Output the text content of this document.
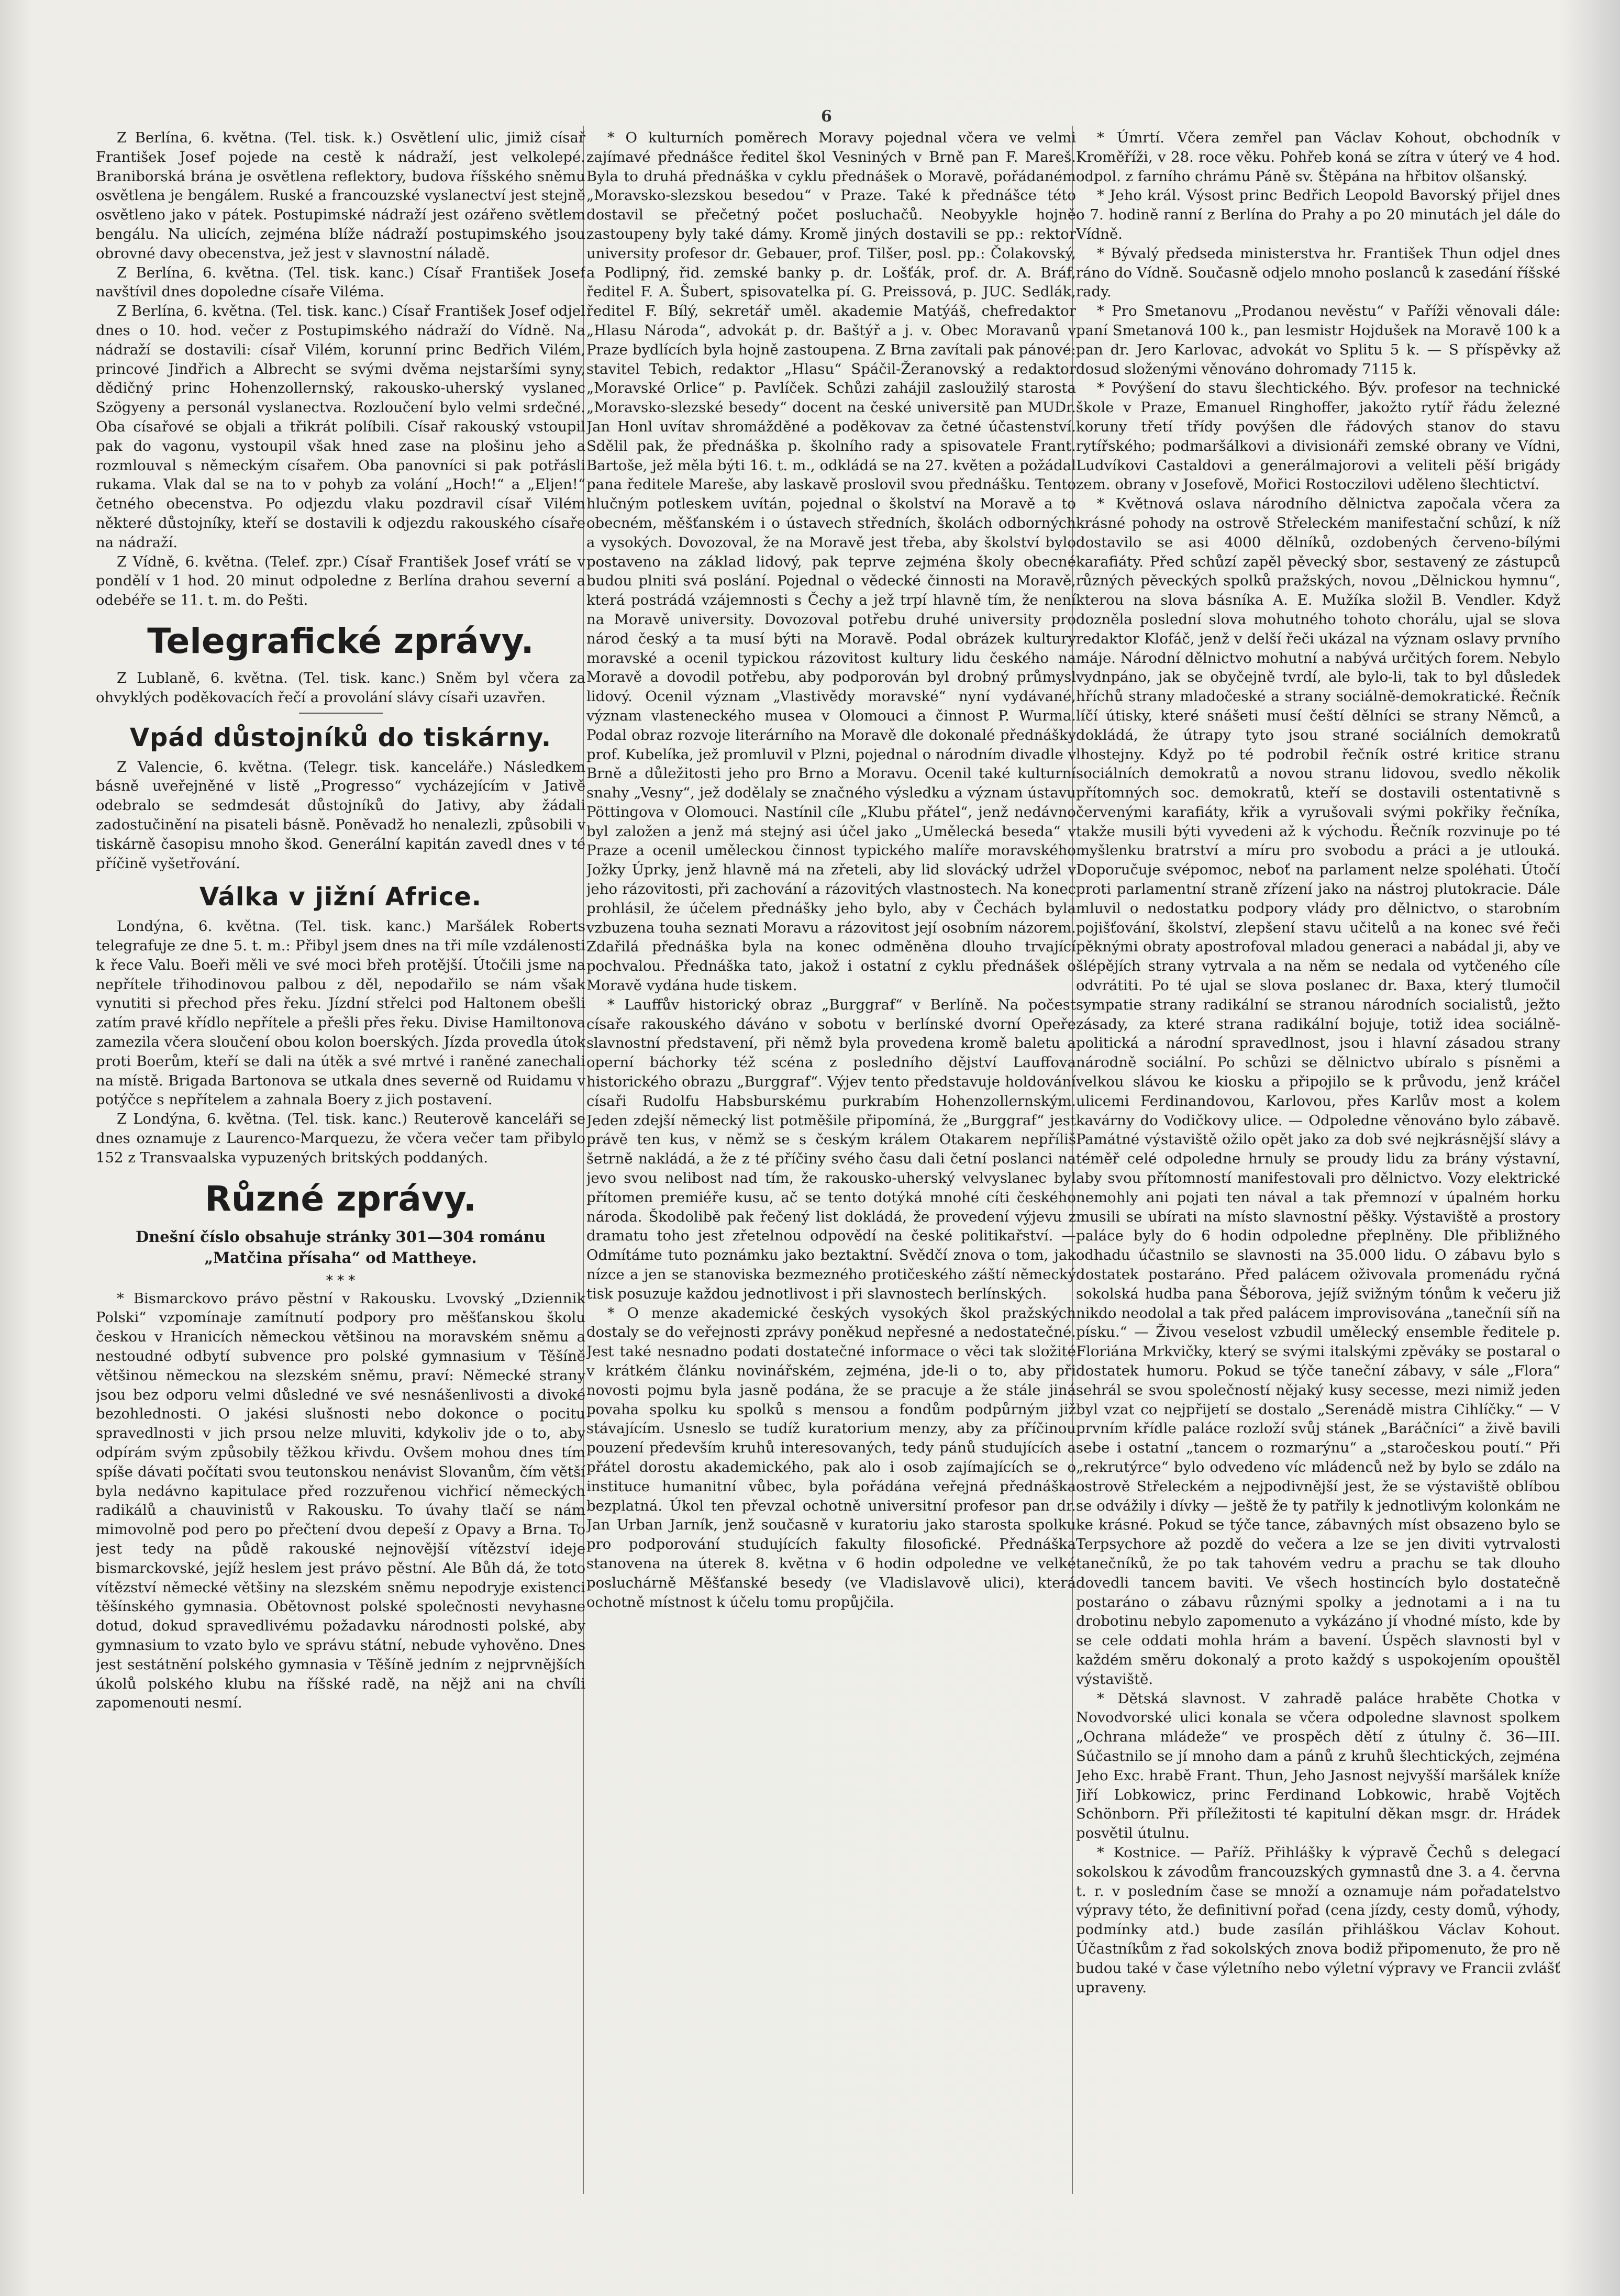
6

Z Berlína, 6. května. (Tel. tisk. k.) Osvětlení ulic, jimiž císař František Josef pojede na cestě k nádraží, jest velkolepé. Braniborská brána je osvětlena reflektory, budova říšského sněmu osvětlena je bengálem. Ruské a francouzské vyslanectví jest stejně osvětleno jako v pátek. Postupimské nádraží jest ozářeno světlem bengálu. Na ulicích, zejména blíže nádraží postupimského jsou obrovné davy obecenstva, jež jest v slavnostní náladě.

Z Berlína, 6. května. (Tel. tisk. kanc.) Císař František Josef navštívil dnes dopoledne císaře Viléma.

Z Berlína, 6. května. (Tel. tisk. kanc.) Císař František Josef odjel dnes o 10. hod. večer z Postupimského nádraží do Vídně. Na nádraží se dostavili: císař Vilém, korunní princ Bedřich Vilém, princové Jindřich a Albrecht se svými dvěma nejstaršími syny, dědičný princ Hohenzollernský, rakousko-uherský vyslanec Szögyeny a personál vyslanectva. Rozloučení bylo velmi srdečné. Oba císařové se objali a třikrát políbili. Císař rakouský vstoupil pak do vagonu, vystoupil však hned zase na plošinu jeho a rozmlouval s německým císařem. Oba panovníci si pak potřásli rukama. Vlak dal se na to v pohyb za volání „Hoch!“ a „Eljen!“ četného obecenstva. Po odjezdu vlaku pozdravil císař Vilém některé důstojníky, kteří se dostavili k odjezdu rakouského císaře na nádraží.

Z Vídně, 6. května. (Telef. zpr.) Císař František Josef vrátí se v pondělí v 1 hod. 20 minut odpoledne z Berlína drahou severní a odebéře se 11. t. m. do Pešti.

Telegrafické zprávy.

Z Lublaně, 6. května. (Tel. tisk. kanc.) Sněm byl včera za ohvyklých poděkovacích řečí a provolání slávy císaři uzavřen.

Vpád důstojníků do tiskárny.

Z Valencie, 6. května. (Telegr. tisk. kanceláře.) Následkem básně uveřejněné v listě „Progresso“ vycházejícím v Jativě odebralo se sedmdesát důstojníků do Jativy, aby žádali zadostučinění na pisateli básně. Poněvadž ho nenalezli, způsobili v tiskárně časopisu mnoho škod. Generální kapitán zavedl dnes v té příčině vyšetřování.

Válka v jižní Africe.

Londýna, 6. května. (Tel. tisk. kanc.) Maršálek Roberts telegrafuje ze dne 5. t. m.: Přibyl jsem dnes na tři míle vzdálenosti k řece Valu. Boeři měli ve své moci břeh protější. Útočili jsme na nepřítele třihodinovou palbou z děl, nepodařilo se nám však vynutiti si přechod přes řeku. Jízdní střelci pod Haltonem obešli zatím pravé křídlo nepřítele a přešli přes řeku. Divise Hamiltonova zamezila včera sloučení obou kolon boerských. Jízda provedla útok proti Boerům, kteří se dali na útěk a své mrtvé i raněné zanechali na místě. Brigada Bartonova se utkala dnes severně od Ruidamu v potýčce s nepřítelem a zahnala Boery z jich postavení.

Z Londýna, 6. května. (Tel. tisk. kanc.) Reuterově kanceláři se dnes oznamuje z Laurenco-Marquezu, že včera večer tam přibylo 152 z Transvaalska vypuzených britských poddaných.

Různé zprávy.
Dnešní číslo obsahuje stránky 301—304 románu „Matčina přísaha“ od Mattheye.
* * *

* Bismarckovo právo pěstní v Rakousku. Lvovský „Dziennik Polski“ vzpomínaje zamítnutí podpory pro měšťanskou školu českou v Hranicích německou většinou na moravském sněmu a nestoudné odbytí subvence pro polské gymnasium v Těšíně většinou německou na slezském sněmu, praví: Německé strany jsou bez odporu velmi důsledné ve své nesnášenlivosti a divoké bezohlednosti. O jakési slušnosti nebo dokonce o pocitu spravedlnosti v jich prsou nelze mluviti, kdykoliv jde o to, aby odpírám svým způsobily těžkou křivdu. Ovšem mohou dnes tím spíše dávati počítati svou teutonskou nenávist Slovanům, čím větší byla nedávno kapitulace před rozzuřenou vichřicí německých radikálů a chauvinistů v Rakousku. To úvahy tlačí se nám mimovolně pod pero po přečtení dvou depeší z Opavy a Brna. To jest tedy na půdě rakouské nejnovější vítězství ideje bismarckovské, jejíž heslem jest právo pěstní. Ale Bůh dá, že toto vítězství německé většiny na slezském sněmu nepodryje existenci těšínského gymnasia. Obětovnost polské společnosti nevyhasne dotud, dokud spravedlivému požadavku národnosti polské, aby gymnasium to vzato bylo ve správu státní, nebude vyhověno. Dnes jest sestátnění polského gymnasia v Těšíně jedním z nejprvnějších úkolů polského klubu na říšské radě, na nějž ani na chvíli zapomenouti nesmí.

* O kulturních poměrech Moravy pojednal včera ve velmi zajímavé přednášce ředitel škol Vesniných v Brně pan F. Mareš. Byla to druhá přednáška v cyklu přednášek o Moravě, pořádaném „Moravsko-slezskou besedou“ v Praze. Také k přednášce této dostavil se přečetný počet posluchačů. Neobyykle hojně zastoupeny byly také dámy. Kromě jiných dostavili se pp.: rektor university profesor dr. Gebauer, prof. Tilšer, posl. pp.: Čolakovský, a Podlipný, řid. zemské banky p. dr. Lošťák, prof. dr. A. Bráf, ředitel F. A. Šubert, spisovatelka pí. G. Preissová, p. JUC. Sedlák, ředitel F. Bílý, sekretář uměl. akademie Matýáš, chefredaktor „Hlasu Národa“, advokát p. dr. Baštýř a j. v. Obec Moravanů v Praze bydlících byla hojně zastoupena. Z Brna zavítali pak pánové: stavitel Tebich, redaktor „Hlasu“ Spáčil-Žeranovský a redaktor „Moravské Orlice“ p. Pavlíček. Schůzi zahájil zasloužilý starosta „Moravsko-slezské besedy“ docent na české universitě pan MUDr. Jan Honl uvítav shromážděné a poděkovav za četné účastenství. Sdělil pak, že přednáška p. školního rady a spisovatele Frant. Bartoše, jež měla býti 16. t. m., odkládá se na 27. květen a požádal pana ředitele Mareše, aby laskavě proslovil svou přednášku. Tento hlučným potleskem uvítán, pojednal o školství na Moravě a to obecném, měšťanském i o ústavech středních, školách odborných a vysokých. Dovozoval, že na Moravě jest třeba, aby školství bylo postaveno na základ lidový, pak teprve zejména školy obecné budou plniti svá poslání. Pojednal o vědecké činnosti na Moravě, která postrádá vzájemnosti s Čechy a jež trpí hlavně tím, že není na Moravě university. Dovozoval potřebu druhé university pro národ český a ta musí býti na Moravě. Podal obrázek kultury moravské a ocenil typickou rázovitost kultury lidu českého na Moravě a dovodil potřebu, aby podporován byl drobný průmysl lidový. Ocenil význam „Vlastivědy moravské“ nyní vydávané, význam vlasteneckého musea v Olomouci a činnost P. Wurma. Podal obraz rozvoje literárního na Moravě dle dokonalé přednášky prof. Kubelíka, jež promluvil v Plzni, pojednal o národním divadle v Brně a důležitosti jeho pro Brno a Moravu. Ocenil také kulturní snahy „Vesny“, jež dodělaly se značného výsledku a význam ústavu Pöttingova v Olomouci. Nastínil cíle „Klubu přátel“, jenž nedávno byl založen a jenž má stejný asi účel jako „Umělecká beseda“ v Praze a ocenil uměleckou činnost typického malíře moravského Jožky Úprky, jenž hlavně má na zřeteli, aby lid slovácký udržel v jeho rázovitosti, při zachování a rázovitých vlastnostech. Na konec prohlásil, že účelem přednášky jeho bylo, aby v Čechách byla vzbuzena touha seznati Moravu a rázovitost její osobním názorem. Zdařilá přednáška byla na konec odměněna dlouho trvající pochvalou. Přednáška tato, jakož i ostatní z cyklu přednášek o Moravě vydána hude tiskem.

* Lauffův historický obraz „Burggraf“ v Berlíně. Na počest císaře rakouského dáváno v sobotu v berlínské dvorní Opeře slavnostní představení, při němž byla provedena kromě baletu a operní báchorky též scéna z posledního dějství Lauffova historického obrazu „Burggraf“. Výjev tento představuje holdování císaři Rudolfu Habsburskému purkrabím Hohenzollernským. Jeden zdejší německý list potměšile připomíná, že „Burggraf“ jest právě ten kus, v němž se s českým králem Otakarem nepříliš šetrně nakládá, a že z té příčiny svého času dali četní poslanci na jevo svou nelibost nad tím, že rakousko-uherský velvyslanec byl přítomen premiéře kusu, ač se tento dotýká mnohé cíti českého národa. Škodolibě pak řečený list dokládá, že provedení výjevu z dramatu toho jest zřetelnou odpovědí na české politikařství. — Odmítáme tuto poznámku jako beztaktní. Svědčí znova o tom, jak nízce a jen se stanoviska bezmezného protičeského záští německý tisk posuzuje každou jednotlivost i při slavnostech berlínských.

* O menze akademické českých vysokých škol pražských dostaly se do veřejnosti zprávy poněkud nepřesné a nedostatečné. Jest také nesnadno podati dostatečné informace o věci tak složité v krátkém článku novinářském, zejména, jde-li o to, aby při novosti pojmu byla jasně podána, že se pracuje a že stále jiná povaha spolku ku spolků s mensou a fondům podpůrným již stávajícím. Usneslo se tudíž kuratorium menzy, aby za příčinou pouzení především kruhů interesovaných, tedy pánů studujících a přátel dorostu akademického, pak alo i osob zajímajících se o instituce humanitní vůbec, byla pořádána veřejná přednáška bezplatná. Úkol ten převzal ochotně universitní profesor pan dr. Jan Urban Jarník, jenž současně v kuratoriu jako starosta spolku pro podporování studujících fakulty filosofické. Přednáška stanovena na úterek 8. května v 6 hodin odpoledne ve velké posluchárně Měšťanské besedy (ve Vladislavově ulici), která ochotně místnost k účelu tomu propůjčila.

* Úmrtí. Včera zemřel pan Václav Kohout, obchodník v Kroměříži, v 28. roce věku. Pohřeb koná se zítra v úterý ve 4 hod. odpol. z farního chrámu Páně sv. Štěpána na hřbitov olšanský.

* Jeho král. Výsost princ Bedřich Leopold Bavorský přijel dnes o 7. hodině ranní z Berlína do Prahy a po 20 minutách jel dále do Vídně.

* Bývalý předseda ministerstva hr. František Thun odjel dnes ráno do Vídně. Současně odjelo mnoho poslanců k zasedání říšské rady.

* Pro Smetanovu „Prodanou nevěstu“ v Paříži věnovali dále: paní Smetanová 100 k., pan lesmistr Hojdušek na Moravě 100 k a pan dr. Jero Karlovac, advokát vo Splitu 5 k. — S příspěvky až dosud složenými věnováno dohromady 7115 k.

* Povýšení do stavu šlechtického. Býv. profesor na technické škole v Praze, Emanuel Ringhoffer, jakožto rytíř řádu železné koruny třetí třídy povýšen dle řádových stanov do stavu rytířského; podmaršálkovi a divisionáři zemské obrany ve Vídni, Ludvíkovi Castaldovi a generálmajorovi a veliteli pěší brigády zem. obrany v Josefově, Mořici Rostoczilovi uděleno šlechtictví.

* Květnová oslava národního dělnictva započala včera za krásné pohody na ostrově Střeleckém manifestační schůzí, k níž dostavilo se asi 4000 dělníků, ozdobených červeno-bílými karafiáty. Před schůzí zapěl pěvecký sbor, sestavený ze zástupců různých pěveckých spolků pražských, novou „Dělnickou hymnu“, kterou na slova básníka A. E. Mužíka složil B. Vendler. Když dozněla poslední slova mohutného tohoto chorálu, ujal se slova redaktor Klofáč, jenž v delší řeči ukázal na význam oslavy prvního máje. Národní dělnictvo mohutní a nabývá určitých forem. Nebylo vydnpáno, jak se obyčejně tvrdí, ale bylo-li, tak to byl důsledek hříchů strany mladočeské a strany sociálně-demokratické. Řečník líčí útisky, které snášeti musí čeští dělníci se strany Němců, a dokládá, že útrapy tyto jsou strané sociálních demokratů lhostejny. Když po té podrobil řečník ostré kritice stranu sociálních demokratů a novou stranu lidovou, svedlo několik přítomných soc. demokratů, kteří se dostavili ostentativně s červenými karafiáty, křik a vyrušovali svými pokřiky řečníka, takže musili býti vyvedeni až k východu. Řečník rozvinuje po té myšlenku bratrství a míru pro svobodu a práci a je utlouká. Doporučuje svépomoc, neboť na parlament nelze spoléhati. Útočí proti parlamentní straně zřízení jako na nástroj plutokracie. Dále mluvil o nedostatku podpory vlády pro dělnictvo, o starobním pojišťování, školství, zlepšení stavu učitelů a na konec své řeči pěknými obraty apostrofoval mladou generaci a nabádal ji, aby ve šlépějích strany vytrvala a na něm se nedala od vytčeného cíle odvrátiti. Po té ujal se slova poslanec dr. Baxa, který tlumočil sympatie strany radikální se stranou národních socialistů, ježto zásady, za které strana radikální bojuje, totiž idea sociálně-politická a národní spravedlnost, jsou i hlavní zásadou strany národně sociální. Po schůzi se dělnictvo ubíralo s písněmi a velkou slávou ke kiosku a připojilo se k průvodu, jenž kráčel ulicemi Ferdinandovou, Karlovou, přes Karlův most a kolem kavárny do Vodičkovy ulice. — Odpoledne věnováno bylo zábavě. Památné výstaviště ožilo opět jako za dob své nejkrásnější slávy a téměř celé odpoledne hrnuly se proudy lidu za brány výstavní, aby svou přítomností manifestovali pro dělnictvo. Vozy elektrické nemohly ani pojati ten nával a tak přemnozí v úpalném horku musili se ubírati na místo slavnostní pěšky. Výstaviště a prostory paláce byly do 6 hodin odpoledne přeplněny. Dle přibližného odhadu účastnilo se slavnosti na 35.000 lidu. O zábavu bylo s dostatek postaráno. Před palácem oživovala promenádu ryčná sokolská hudba pana Šéborova, jejíž svižným tónům k večeru již nikdo neodolal a tak před palácem improvisována „tanečníi síň na písku.“ — Živou veselost vzbudil umělecký ensemble ředitele p. Floriána Mrkvičky, který se svými italskými zpěváky se postaral o dostatek humoru. Pokud se týče taneční zábavy, v sále „Flora“ sehrál se svou společností nějaký kusy secesse, mezi nimiž jeden byl vzat co nejpřijetí se dostalo „Serenádě mistra Cihlíčky.“ — V prvním křídle paláce rozloží svůj stánek „Baráčníci“ a živě bavili sebe i ostatní „tancem o rozmarýnu“ a „staročeskou poutí.“ Při „rekrutýrce“ bylo odvedeno víc mládenců než by bylo se zdálo na ostrově Střeleckém a nejpodivnější jest, že se výstaviště oblíbou se odvážily i dívky — ještě že ty patřily k jednotlivým kolonkám ne ke krásné. Pokud se týče tance, zábavných míst obsazeno bylo se Terpsychore až pozdě do večera a lze se jen diviti vytrvalosti tanečníků, že po tak tahovém vedru a prachu se tak dlouho dovedli tancem baviti. Ve všech hostincích bylo dostatečně postaráno o zábavu různými spolky a jednotami a i na tu drobotinu nebylo zapomenuto a vykázáno jí vhodné místo, kde by se cele oddati mohla hrám a bavení. Úspěch slavnosti byl v každém směru dokonalý a proto každý s uspokojením opouštěl výstaviště.

* Dětská slavnost. V zahradě paláce hraběte Chotka v Novodvorské ulici konala se včera odpoledne slavnost spolkem „Ochrana mládeže“ ve prospěch dětí z útulny č. 36—III. Súčastnilo se jí mnoho dam a pánů z kruhů šlechtických, zejména Jeho Exc. hrabě Frant. Thun, Jeho Jasnost nejvyšší maršálek kníže Jiří Lobkowicz, princ Ferdinand Lobkowic, hrabě Vojtěch Schönborn. Při příležitosti té kapitulní děkan msgr. dr. Hrádek posvětil útulnu.

* Kostnice. — Paříž. Přihlášky k výpravě Čechů s delegací sokolskou k závodům francouzských gymnastů dne 3. a 4. června t. r. v posledním čase se množí a oznamuje nám pořadatelstvo výpravy této, že definitivní pořad (cena jízdy, cesty domů, výhody, podmínky atd.) bude zasílán přihláškou Václav Kohout. Účastníkům z řad sokolských znova bodiž připomenuto, že pro ně budou také v čase výletního nebo výletní výpravy ve Francii zvlášť upraveny.
